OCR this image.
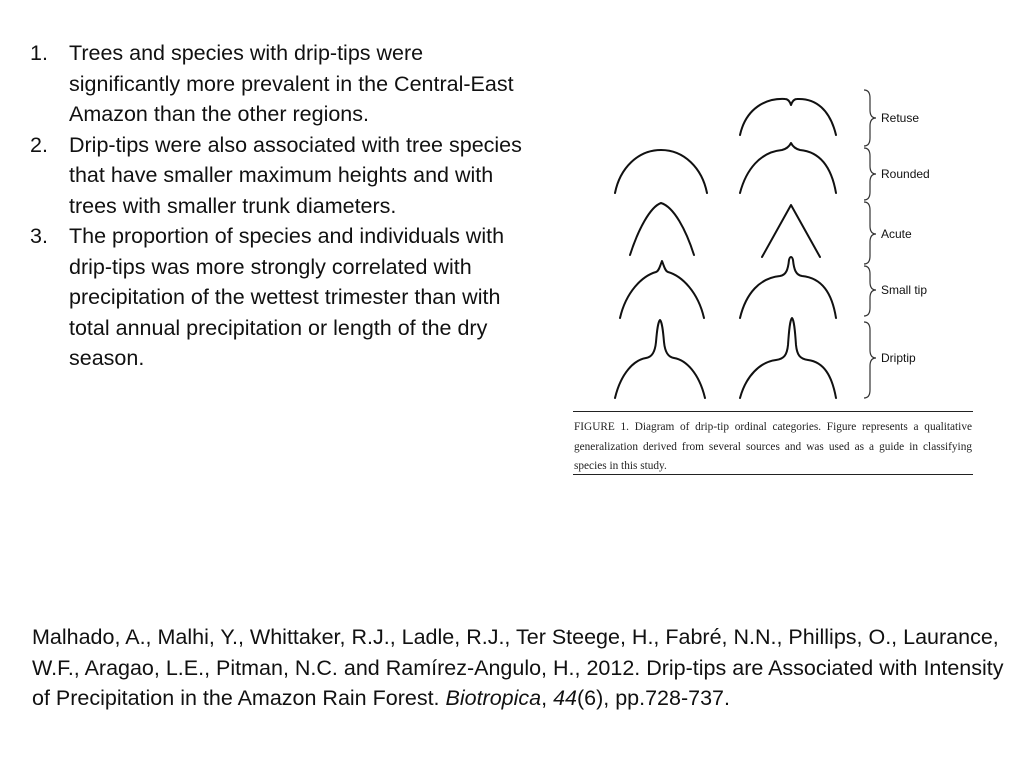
1. Trees and species with drip-tips were significantly more prevalent in the Central-East Amazon than the other regions.
2. Drip-tips were also associated with tree species that have smaller maximum heights and with trees with smaller trunk diameters.
3. The proportion of species and individuals with drip-tips was more strongly correlated with precipitation of the wettest trimester than with total annual precipitation or length of the dry season.
Retuse
Rounded
Acute
Small tip
Driptip
FIGURE 1. Diagram of drip-tip ordinal categories. Figure represents a qualitative generalization derived from several sources and was used as a guide in classifying species in this study.
Malhado, A., Malhi, Y., Whittaker, R.J., Ladle, R.J., Ter Steege, H., Fabré, N.N., Phillips, O., Laurance, W.F., Aragao, L.E., Pitman, N.C. and Ramírez-Angulo, H., 2012. Drip-tips are Associated with Intensity of Precipitation in the Amazon Rain Forest. Biotropica, 44(6), pp.728-737.
